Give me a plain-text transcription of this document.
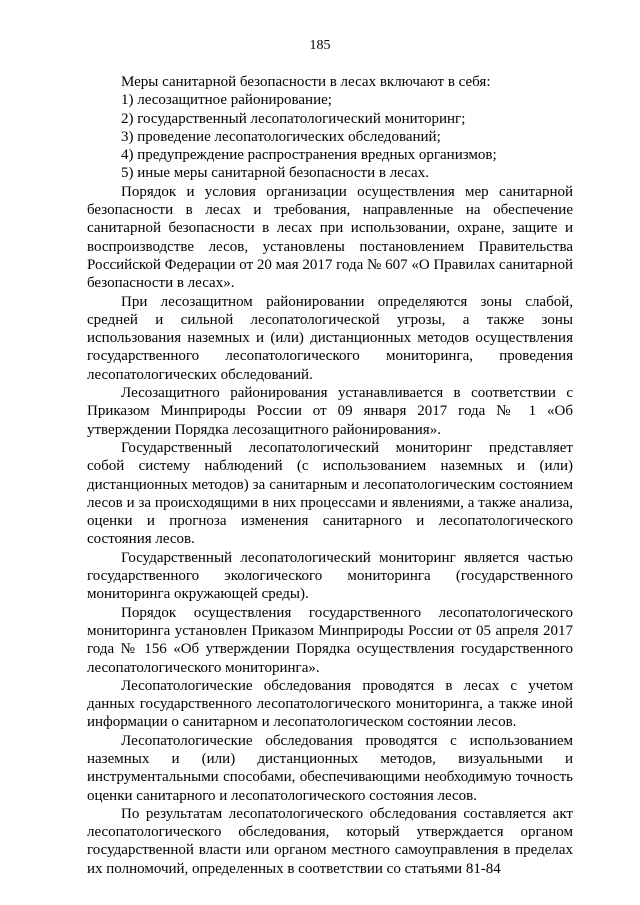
185

Меры санитарной безопасности в лесах включают в себя:

1) лесозащитное районирование;

2) государственный лесопатологический мониторинг;

3) проведение лесопатологических обследований;

4) предупреждение распространения вредных организмов;

5) иные меры санитарной безопасности в лесах.

Порядок и условия организации осуществления мер санитарной безопасности в лесах и требования, направленные на обеспечение санитарной безопасности в лесах при использовании, охране, защите и воспроизводстве лесов, установлены постановлением Правительства Российской Федерации от 20 мая 2017 года № 607 «О Правилах санитарной безопасности в лесах».

При лесозащитном районировании определяются зоны слабой, средней и сильной лесопатологической угрозы, а также зоны использования наземных и (или) дистанционных методов осуществления государственного лесопатологического мониторинга, проведения лесопатологических обследований.

Лесозащитного районирования устанавливается в соответствии с Приказом Минприроды России от 09 января 2017 года № 1 «Об утверждении Порядка лесозащитного районирования».

Государственный лесопатологический мониторинг представляет собой систему наблюдений (с использованием наземных и (или) дистанционных методов) за санитарным и лесопатологическим состоянием лесов и за происходящими в них процессами и явлениями, а также анализа, оценки и прогноза изменения санитарного и лесопатологического состояния лесов.

Государственный лесопатологический мониторинг является частью государственного экологического мониторинга (государственного мониторинга окружающей среды).

Порядок осуществления государственного лесопатологического мониторинга установлен Приказом Минприроды России от 05 апреля 2017 года № 156 «Об утверждении Порядка осуществления государственного лесопатологического мониторинга».

Лесопатологические обследования проводятся в лесах с учетом данных государственного лесопатологического мониторинга, а также иной информации о санитарном и лесопатологическом состоянии лесов.

Лесопатологические обследования проводятся с использованием наземных и (или) дистанционных методов, визуальными и инструментальными способами, обеспечивающими необходимую точность оценки санитарного и лесопатологического состояния лесов.

По результатам лесопатологического обследования составляется акт лесопатологического обследования, который утверждается органом государственной власти или органом местного самоуправления в пределах их полномочий, определенных в соответствии со статьями 81-84
